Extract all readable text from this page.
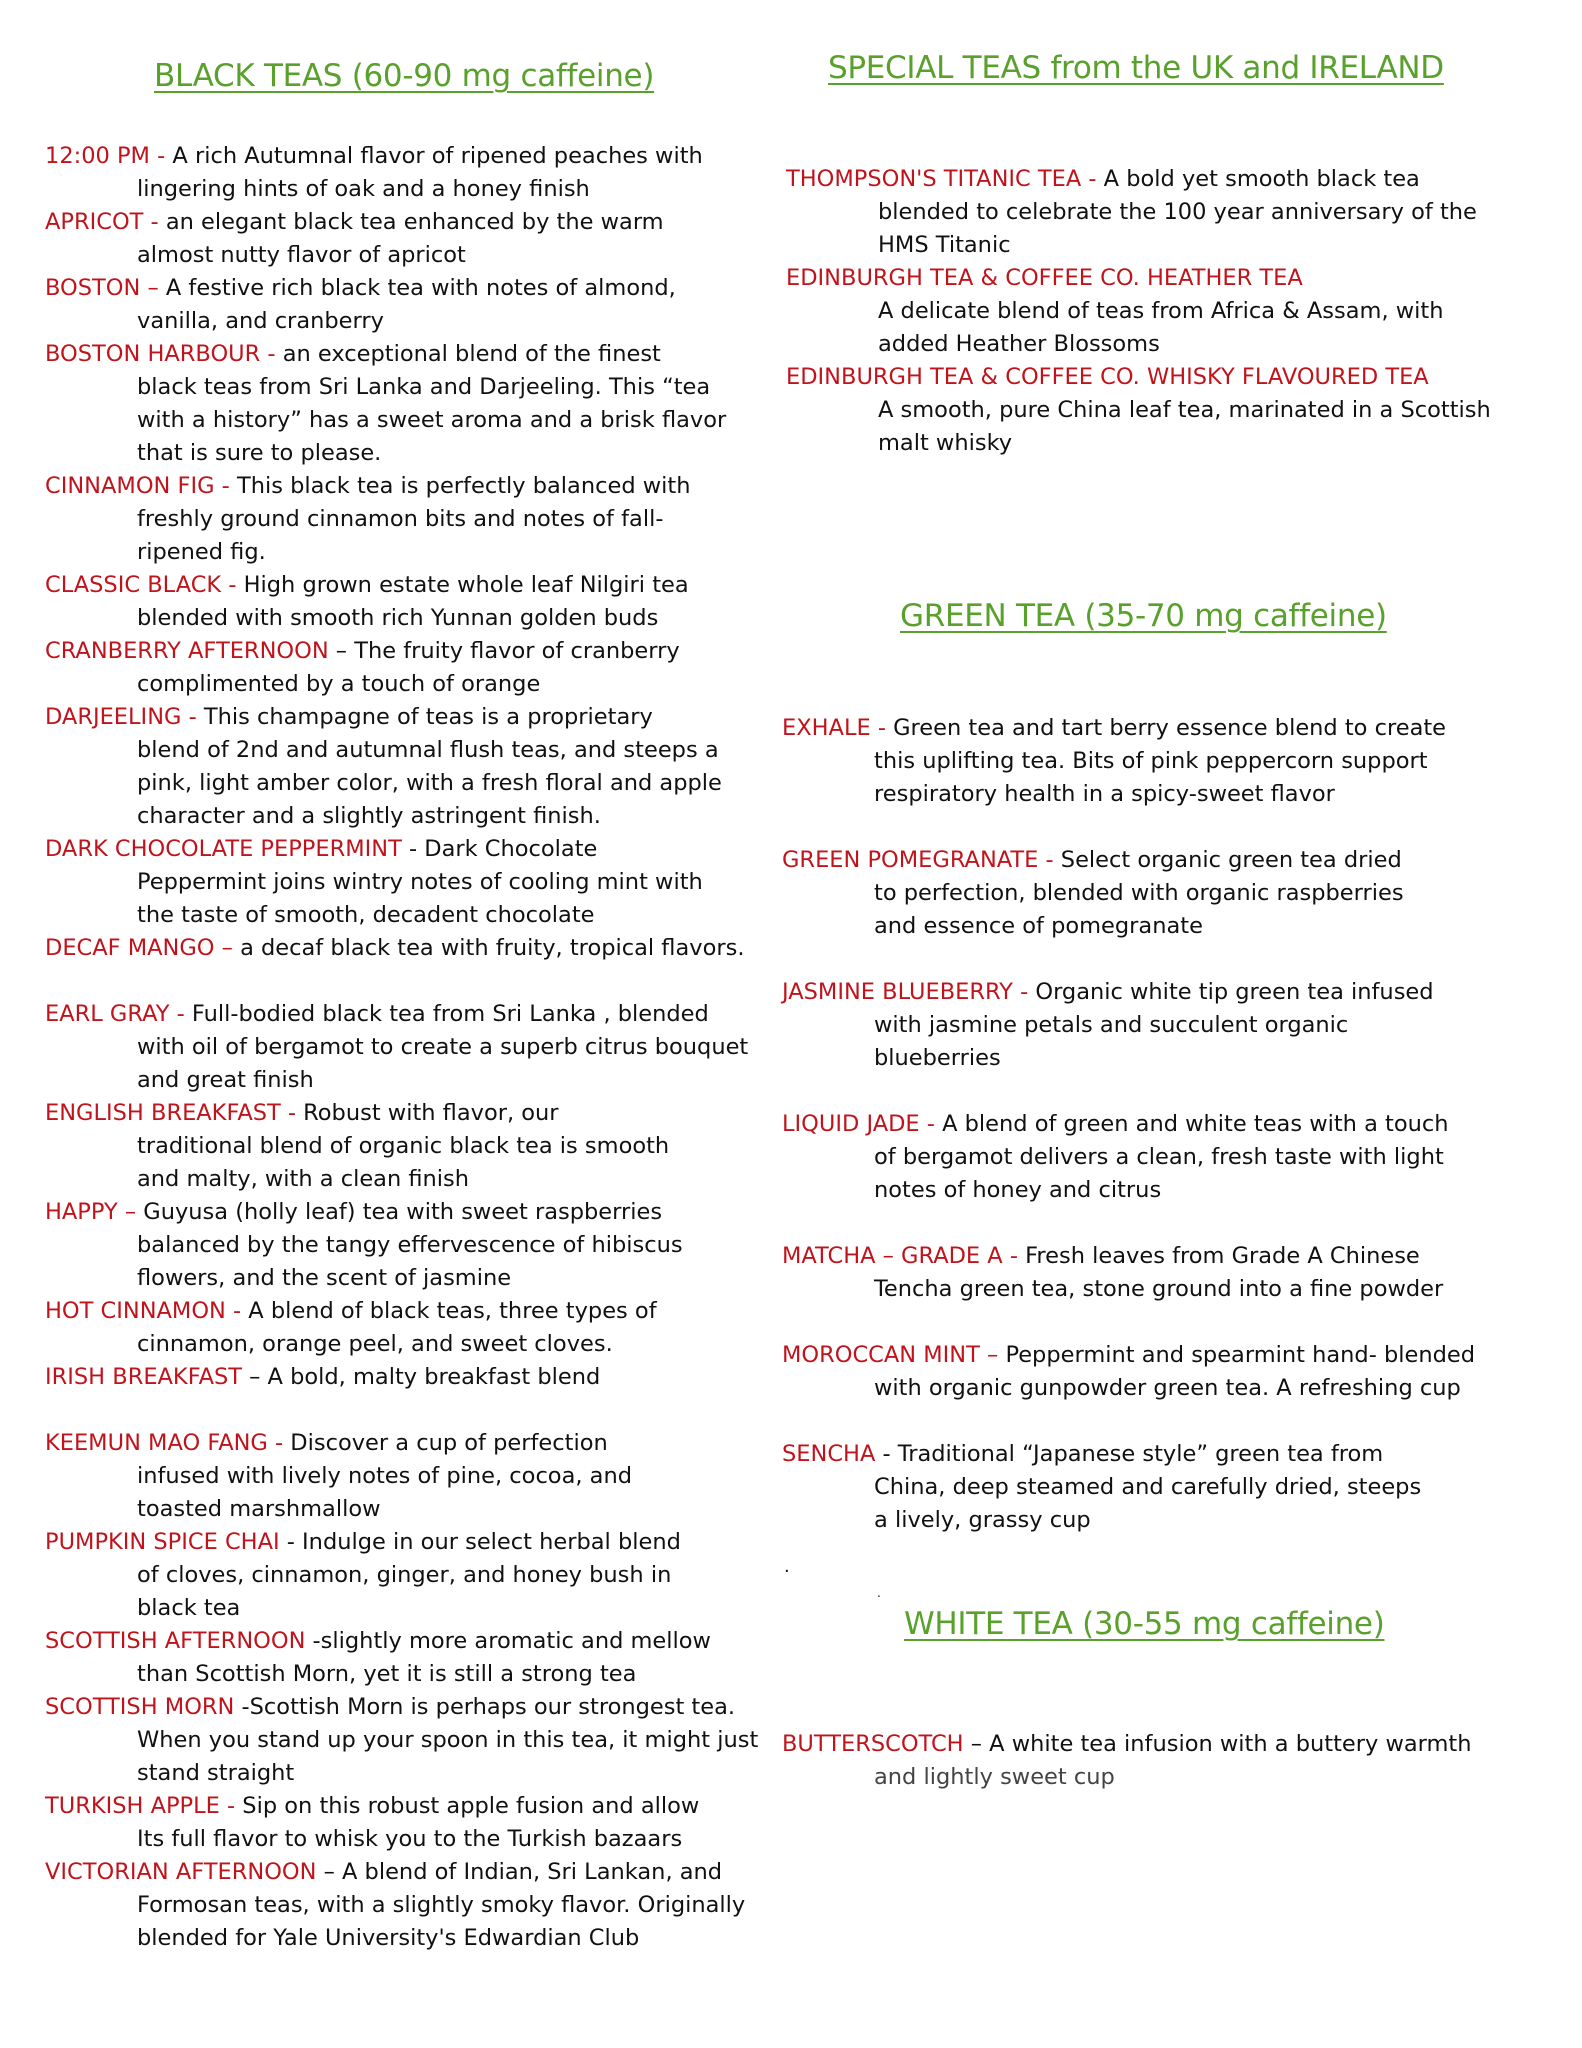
BLACK TEAS (60-90 mg caffeine)
12:00 PM - A rich Autumnal flavor of ripened peaches with
lingering hints of oak and a honey finish
APRICOT - an elegant black tea enhanced by the warm
almost nutty flavor of apricot
BOSTON – A festive rich black tea with notes of almond,
vanilla, and cranberry
BOSTON HARBOUR - an exceptional blend of the finest
black teas from Sri Lanka and Darjeeling. This “tea
with a history” has a sweet aroma and a brisk flavor
that is sure to please.
CINNAMON FIG - This black tea is perfectly balanced with
freshly ground cinnamon bits and notes of fall-
ripened fig.
CLASSIC BLACK - High grown estate whole leaf Nilgiri tea
blended with smooth rich Yunnan golden buds
CRANBERRY AFTERNOON – The fruity flavor of cranberry
complimented by a touch of orange
DARJEELING - This champagne of teas is a proprietary
blend of 2nd and autumnal flush teas, and steeps a
pink, light amber color, with a fresh floral and apple
character and a slightly astringent finish.
DARK CHOCOLATE PEPPERMINT - Dark Chocolate
Peppermint joins wintry notes of cooling mint with
the taste of smooth, decadent chocolate
DECAF MANGO – a decaf black tea with fruity, tropical flavors.
EARL GRAY - Full-bodied black tea from Sri Lanka , blended
with oil of bergamot to create a superb citrus bouquet
and great finish
ENGLISH BREAKFAST - Robust with flavor, our
traditional blend of organic black tea is smooth
and malty, with a clean finish
HAPPY – Guyusa (holly leaf) tea with sweet raspberries
balanced by the tangy effervescence of hibiscus
flowers, and the scent of jasmine
HOT CINNAMON - A blend of black teas, three types of
cinnamon, orange peel, and sweet cloves.
IRISH BREAKFAST – A bold, malty breakfast blend
KEEMUN MAO FANG - Discover a cup of perfection
infused with lively notes of pine, cocoa, and
toasted marshmallow
PUMPKIN SPICE CHAI - Indulge in our select herbal blend
of cloves, cinnamon, ginger, and honey bush in
black tea
SCOTTISH AFTERNOON -slightly more aromatic and mellow
than Scottish Morn, yet it is still a strong tea
SCOTTISH MORN -Scottish Morn is perhaps our strongest tea.
When you stand up your spoon in this tea, it might just
stand straight
TURKISH APPLE - Sip on this robust apple fusion and allow
Its full flavor to whisk you to the Turkish bazaars
VICTORIAN AFTERNOON – A blend of Indian, Sri Lankan, and
Formosan teas, with a slightly smoky flavor. Originally
blended for Yale University's Edwardian Club
SPECIAL TEAS from the UK and IRELAND
THOMPSON'S TITANIC TEA - A bold yet smooth black tea
blended to celebrate the 100 year anniversary of the
HMS Titanic
EDINBURGH TEA & COFFEE CO. HEATHER TEA
A delicate blend of teas from Africa & Assam, with
added Heather Blossoms
EDINBURGH TEA & COFFEE CO. WHISKY FLAVOURED TEA
A smooth, pure China leaf tea, marinated in a Scottish
malt whisky
GREEN TEA (35-70 mg caffeine)
EXHALE - Green tea and tart berry essence blend to create
this uplifting tea. Bits of pink peppercorn support
respiratory health in a spicy-sweet flavor
GREEN POMEGRANATE - Select organic green tea dried
to perfection, blended with organic raspberries
and essence of pomegranate
JASMINE BLUEBERRY - Organic white tip green tea infused
with jasmine petals and succulent organic
blueberries
LIQUID JADE - A blend of green and white teas with a touch
of bergamot delivers a clean, fresh taste with light
notes of honey and citrus
MATCHA – GRADE A - Fresh leaves from Grade A Chinese
Tencha green tea, stone ground into a fine powder
MOROCCAN MINT – Peppermint and spearmint hand- blended
with organic gunpowder green tea. A refreshing cup
SENCHA - Traditional “Japanese style” green tea from
China, deep steamed and carefully dried, steeps
a lively, grassy cup
WHITE TEA (30-55 mg caffeine)
BUTTERSCOTCH – A white tea infusion with a buttery warmth
and lightly sweet cup
.
.
